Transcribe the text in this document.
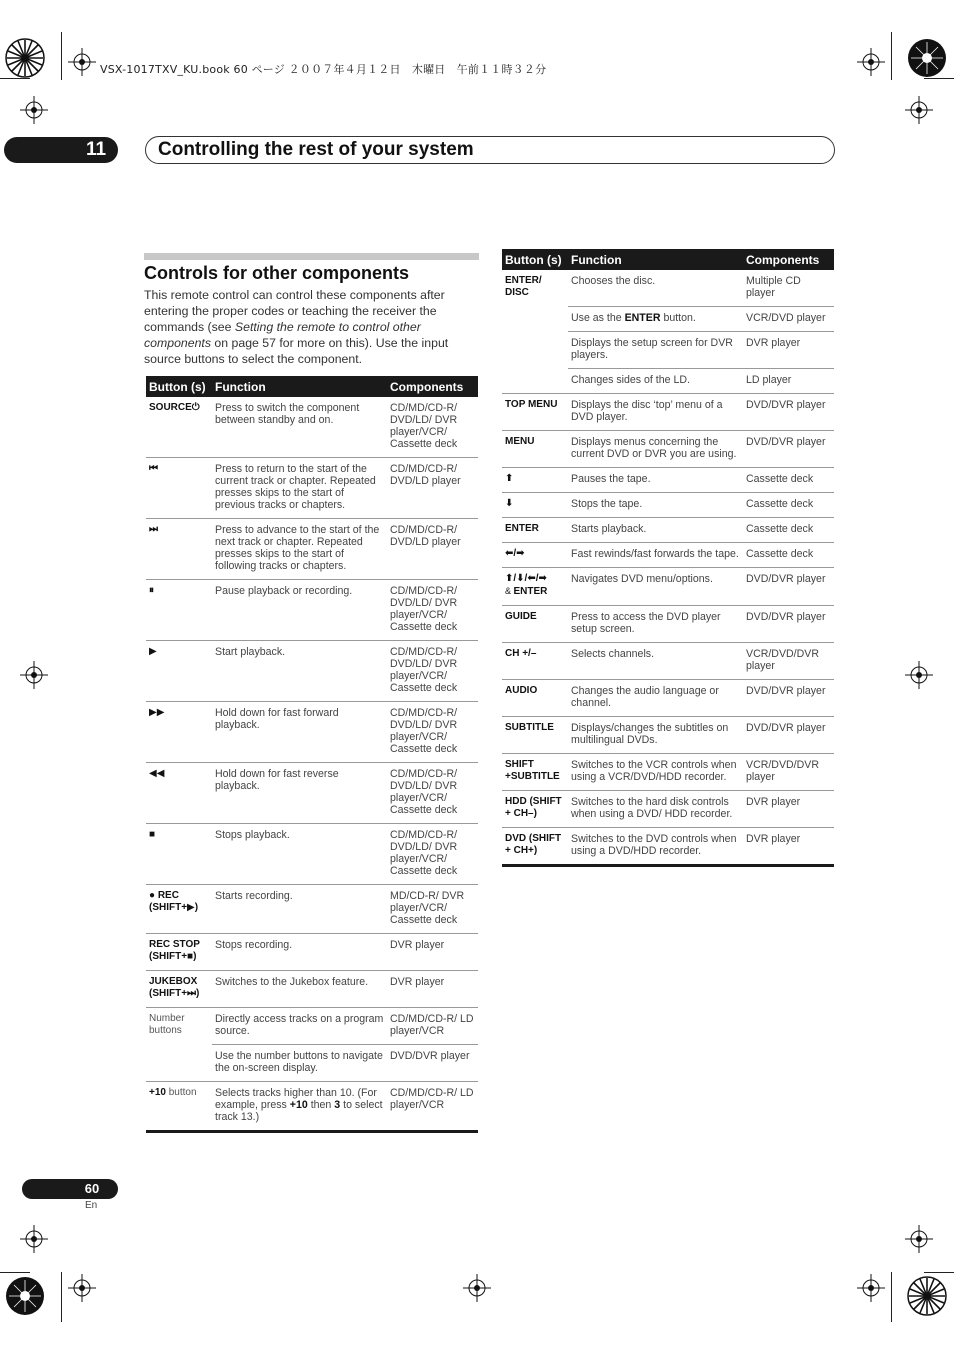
VSX-1017TXV_KU.book 60 ページ ２００７年４月１２日　木曜日　午前１１時３２分
11	Controlling the rest of your system
Controls for other components

This remote control can control these components after entering the proper codes or teaching the receiver the commands (see Setting the remote to control other components on page 57 for more on this). Use the input source buttons to select the component.

Button (s)	Function	Components
SOURCE⏻	Press to switch the component between standby and on.	CD/MD/CD-R/ DVD/LD/ DVR player/VCR/ Cassette deck
⏮	Press to return to the start of the current track or chapter. Repeated presses skips to the start of previous tracks or chapters.	CD/MD/CD-R/ DVD/LD player
⏭	Press to advance to the start of the next track or chapter. Repeated presses skips to the start of following tracks or chapters.	CD/MD/CD-R/ DVD/LD player
⏸	Pause playback or recording.	CD/MD/CD-R/ DVD/LD/ DVR player/VCR/ Cassette deck
▶	Start playback.	CD/MD/CD-R/ DVD/LD/ DVR player/VCR/ Cassette deck
▶▶	Hold down for fast forward playback.	CD/MD/CD-R/ DVD/LD/ DVR player/VCR/ Cassette deck
◀◀	Hold down for fast reverse playback.	CD/MD/CD-R/ DVD/LD/ DVR player/VCR/ Cassette deck
■	Stops playback.	CD/MD/CD-R/ DVD/LD/ DVR player/VCR/ Cassette deck
● REC (SHIFT+▶)	Starts recording.	MD/CD-R/ DVR player/VCR/ Cassette deck
REC STOP (SHIFT+■)	Stops recording.	DVR player
JUKEBOX (SHIFT+⏭)	Switches to the Jukebox feature.	DVR player
Number buttons	Directly access tracks on a program source.	CD/MD/CD-R/ LD player/VCR
	Use the number buttons to navigate the on-screen display.	DVD/DVR player
+10 button	Selects tracks higher than 10. (For example, press +10 then 3 to select track 13.)	CD/MD/CD-R/ LD player/VCR
Button (s)	Function	Components
ENTER/ DISC	Chooses the disc.	Multiple CD player
	Use as the ENTER button.	VCR/DVD player
	Displays the setup screen for DVR players.	DVR player
	Changes sides of the LD.	LD player
TOP MENU	Displays the disc ‘top’ menu of a DVD player.	DVD/DVR player
MENU	Displays menus concerning the current DVD or DVR you are using.	DVD/DVR player
⬆	Pauses the tape.	Cassette deck
⬇	Stops the tape.	Cassette deck
ENTER	Starts playback.	Cassette deck
⬅/➡	Fast rewinds/fast forwards the tape.	Cassette deck
⬆/⬇/⬅/➡
& ENTER	Navigates DVD menu/options.	DVD/DVR player
GUIDE	Press to access the DVD player setup screen.	DVD/DVR player
CH +/–	Selects channels.	VCR/DVD/DVR player
AUDIO	Changes the audio language or channel.	DVD/DVR player
SUBTITLE	Displays/changes the subtitles on multilingual DVDs.	DVD/DVR player
SHIFT +SUBTITLE	Switches to the VCR controls when using a VCR/DVD/HDD recorder.	VCR/DVD/DVR player
HDD (SHIFT + CH–)	Switches to the hard disk controls when using a DVD/ HDD recorder.	DVR player
DVD (SHIFT + CH+)	Switches to the DVD controls when using a DVD/HDD recorder.	DVR player
60
En
